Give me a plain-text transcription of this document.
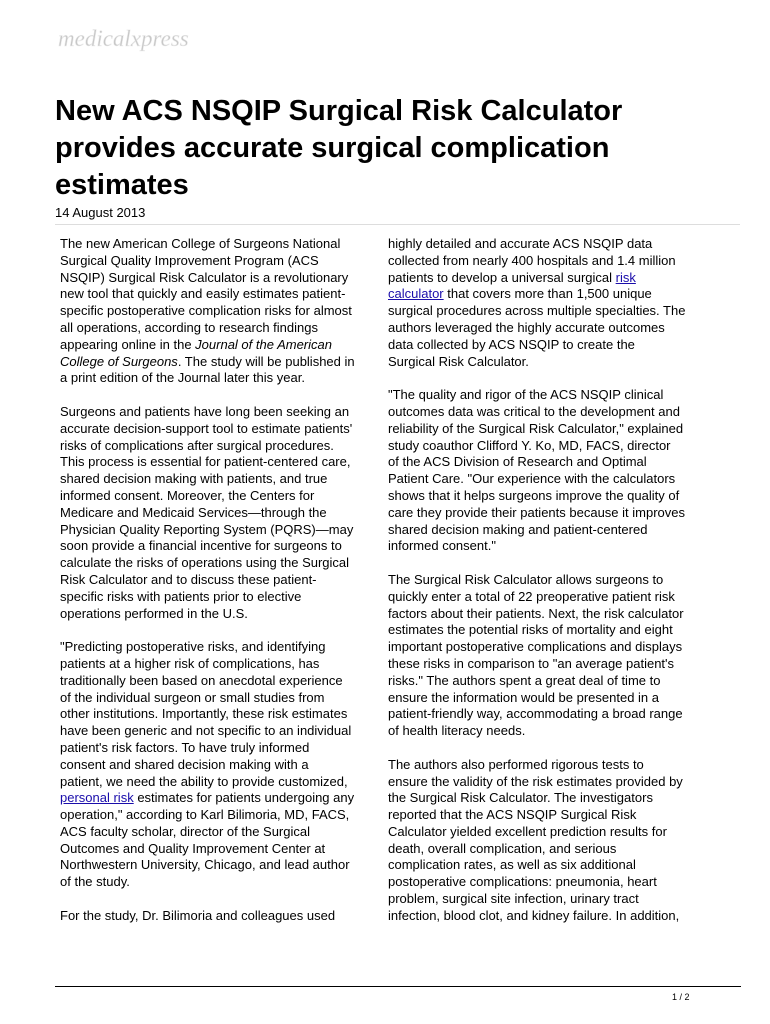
medicalxpress
New ACS NSQIP Surgical Risk Calculator provides accurate surgical complication estimates
14 August 2013

The new American College of Surgeons National
Surgical Quality Improvement Program (ACS
NSQIP) Surgical Risk Calculator is a revolutionary
new tool that quickly and easily estimates patient-
specific postoperative complication risks for almost
all operations, according to research findings
appearing online in the Journal of the American
College of Surgeons. The study will be published in
a print edition of the Journal later this year.

Surgeons and patients have long been seeking an
accurate decision-support tool to estimate patients'
risks of complications after surgical procedures.
This process is essential for patient-centered care,
shared decision making with patients, and true
informed consent. Moreover, the Centers for
Medicare and Medicaid Services—through the
Physician Quality Reporting System (PQRS)—may
soon provide a financial incentive for surgeons to
calculate the risks of operations using the Surgical
Risk Calculator and to discuss these patient-
specific risks with patients prior to elective
operations performed in the U.S.

"Predicting postoperative risks, and identifying
patients at a higher risk of complications, has
traditionally been based on anecdotal experience
of the individual surgeon or small studies from
other institutions. Importantly, these risk estimates
have been generic and not specific to an individual
patient's risk factors. To have truly informed
consent and shared decision making with a
patient, we need the ability to provide customized,
personal risk estimates for patients undergoing any
operation," according to Karl Bilimoria, MD, FACS,
ACS faculty scholar, director of the Surgical
Outcomes and Quality Improvement Center at
Northwestern University, Chicago, and lead author
of the study.

For the study, Dr. Bilimoria and colleagues used

highly detailed and accurate ACS NSQIP data
collected from nearly 400 hospitals and 1.4 million
patients to develop a universal surgical risk
calculator that covers more than 1,500 unique
surgical procedures across multiple specialties. The
authors leveraged the highly accurate outcomes
data collected by ACS NSQIP to create the
Surgical Risk Calculator.

"The quality and rigor of the ACS NSQIP clinical
outcomes data was critical to the development and
reliability of the Surgical Risk Calculator," explained
study coauthor Clifford Y. Ko, MD, FACS, director
of the ACS Division of Research and Optimal
Patient Care. "Our experience with the calculators
shows that it helps surgeons improve the quality of
care they provide their patients because it improves
shared decision making and patient-centered
informed consent."

The Surgical Risk Calculator allows surgeons to
quickly enter a total of 22 preoperative patient risk
factors about their patients. Next, the risk calculator
estimates the potential risks of mortality and eight
important postoperative complications and displays
these risks in comparison to "an average patient's
risks." The authors spent a great deal of time to
ensure the information would be presented in a
patient-friendly way, accommodating a broad range
of health literacy needs.

The authors also performed rigorous tests to
ensure the validity of the risk estimates provided by
the Surgical Risk Calculator. The investigators
reported that the ACS NSQIP Surgical Risk
Calculator yielded excellent prediction results for
death, overall complication, and serious
complication rates, as well as six additional
postoperative complications: pneumonia, heart
problem, surgical site infection, urinary tract
infection, blood clot, and kidney failure. In addition,

1 / 2
